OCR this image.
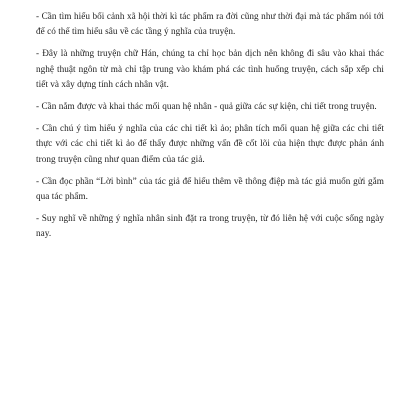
- Cần tìm hiểu bối cảnh xã hội thời kì tác phẩm ra đời cũng như thời đại mà tác phẩm nói tới để có thể tìm hiểu sâu về các tầng ý nghĩa của truyện.

- Đây là những truyện chữ Hán, chúng ta chỉ học bản dịch nên không đi sâu vào khai thác nghệ thuật ngôn từ mà chỉ tập trung vào khám phá các tình huống truyện, cách sắp xếp chi tiết và xây dựng tính cách nhân vật.

- Cần nắm được và khai thác mối quan hệ nhân - quả giữa các sự kiện, chi tiết trong truyện.

- Cần chú ý tìm hiểu ý nghĩa của các chi tiết kì ảo; phân tích mối quan hệ giữa các chi tiết thực với các chi tiết kì ảo để thấy được những vấn đề cốt lõi của hiện thực được phản ánh trong truyện cũng như quan điểm của tác giả.

- Cần đọc phần “Lời bình” của tác giả để hiểu thêm về thông điệp mà tác giả muốn gửi gắm qua tác phẩm.

- Suy nghĩ về những ý nghĩa nhân sinh đặt ra trong truyện, từ đó liên hệ với cuộc sống ngày nay.
